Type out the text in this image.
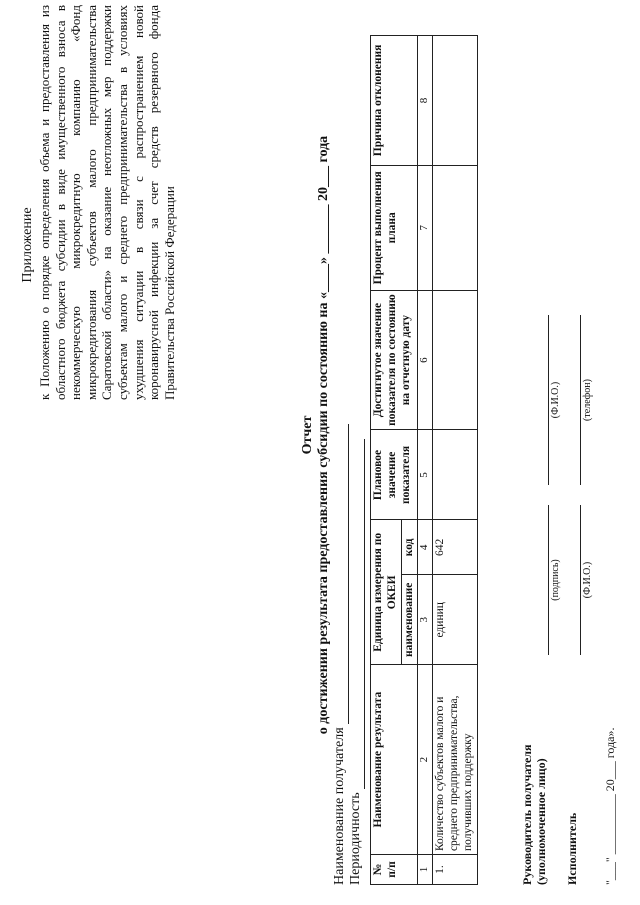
Приложение к Положению о порядке определения объема и предоставления из областного бюджета субсидии в виде имущественного взноса в некоммерческую микрокредитную компанию «Фонд микрокредитования субъектов малого предпринимательства Саратовской области» на оказание неотложных мер поддержки субъектам малого и среднего предпринимательства в условиях ухудшения ситуации в связи с распространением новой коронавирусной инфекции за счет средств резервного фонда Правительства Российской Федерации
Отчет о достижении результата предоставления субсидии по состоянию на «____» _______ 20___ года
Наименование получателя Периодичность № п/п	Наименование результата	Единица измерения по ОКЕИ		Плановое значение показателя	Достигнутое значение показателя по состоянию на отчетную дату	Процент выполнения плана	Причина отклонения
		наименование	код				
1	2	3	4	5	6	7	8
1.	Количество субъектов малого и среднего предпринимательства, получивших поддержку	единиц	642				
Руководитель получателя (уполномоченное лицо)
(подпись)
(Ф.И.О.)
Исполнитель
(Ф.И.О.)
(телефон)
"___" __________ 20___ года».
